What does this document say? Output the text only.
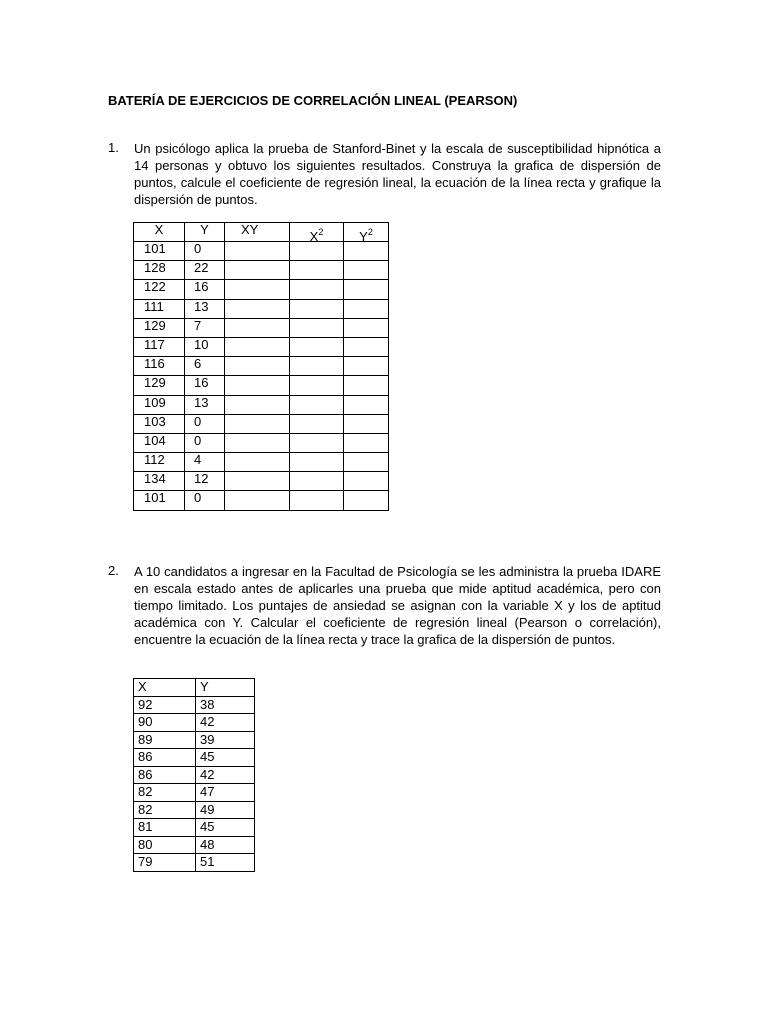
BATERÍA DE EJERCICIOS DE CORRELACIÓN LINEAL (PEARSON)
1. Un psicólogo aplica la prueba de Stanford-Binet y la escala de susceptibilidad hipnótica a 14 personas y obtuvo los siguientes resultados. Construya la grafica de dispersión de puntos, calcule el coeficiente de regresión lineal, la ecuación de la línea recta y grafique la dispersión de puntos.
X	Y	XY	$X^2$	$Y^2$
101	0			
128	22			
122	16			
111	13			
129	7			
117	10			
116	6			
129	16			
109	13			
103	0			
104	0			
112	4			
134	12			
101	0			
2. A 10 candidatos a ingresar en la Facultad de Psicología se les administra la prueba IDARE en escala estado antes de aplicarles una prueba que mide aptitud académica, pero con tiempo limitado. Los puntajes de ansiedad se asignan con la variable X y los de aptitud académica con Y. Calcular el coeficiente de regresión lineal (Pearson o correlación), encuentre la ecuación de la línea recta y trace la grafica de la dispersión de puntos.
X	Y
92	38
90	42
89	39
86	45
86	42
82	47
82	49
81	45
80	48
79	51
